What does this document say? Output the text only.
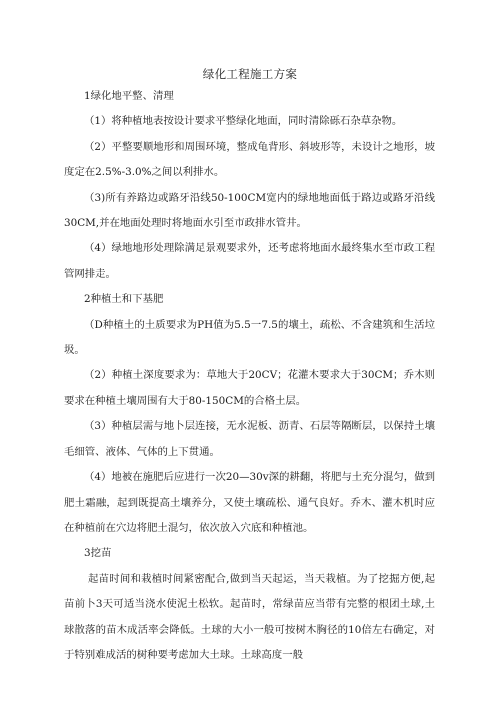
绿化工程施工方案
1绿化地平整、清理

（1）将种植地表按设计要求平整绿化地面，同时清除砾石杂草杂物。

（2）平整要顺地形和周围环境，整成龟背形、斜坡形等，未设计之地形，坡度定在2.5%-3.0%之间以利排水。

（3)所有养路边或路牙沿线50-100CM宽内的绿地地面低于路边或路牙沿线30CM,并在地面处理时将地面水引至市政排水管井。

（4）绿地地形处理除满足景观要求外，还考虑将地面水最终集水至市政工程管网排走。

2种植土和下基肥

（D种植土的土质要求为PH值为5.5一7.5的壤土，疏松、不含建筑和生活垃圾。

（2）种植土深度要求为：草地大于20CV；花灌木要求大于30CM；乔木则要求在种植土壤周围有大于80-150CM的合格土层。

（3）种植层需与地卜层连接，无水泥板、沥青、石层等隔断层，以保持土壤毛细管、液体、气体的上下贯通。

（4）地被在施肥后应进行一次20—30v深的耕翻，将肥与土充分混匀，做到肥土霜融，起到既提高土壤养分，又使土壤疏松、通气良好。乔木、灌木机时应在种植前在穴边将肥土混匀，依次放入穴底和种植池。

3挖苗

起苗时间和栽植时间紧密配合,做到当天起运，当天栽植。为了挖掘方便,起苗前卜3天可适当浇水使泥土松软。起苗时，常绿苗应当带有完整的根团土球,土球散落的苗木成活率会降低。土球的大小一般可按树木胸径的10倍左右确定，对于特别难成活的树种要考虑加大土球。土球高度一般
